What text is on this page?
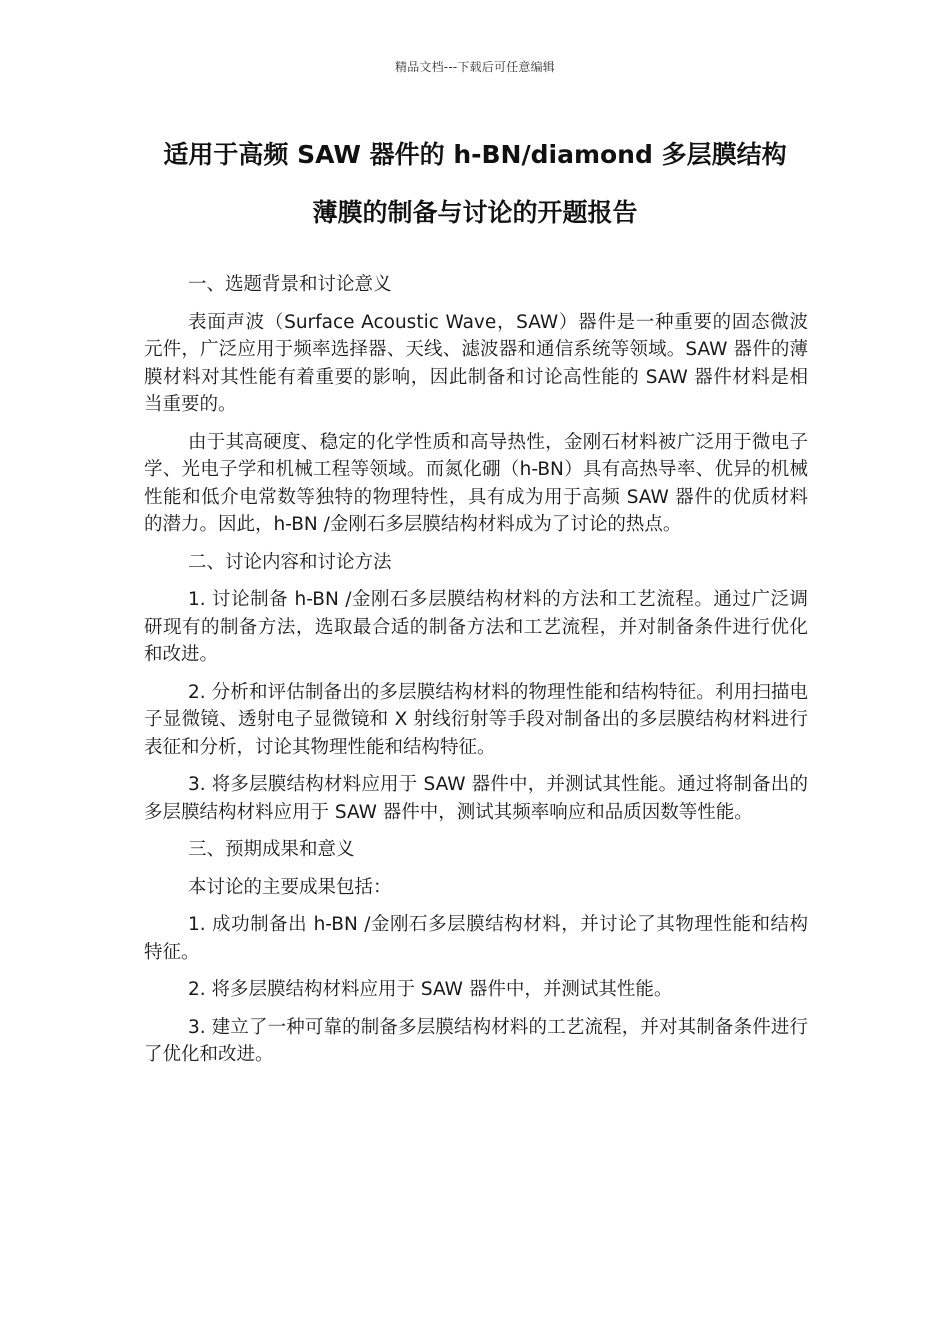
精品文档---下载后可任意编辑
适用于高频 SAW 器件的 h-BN/diamond 多层膜结构
薄膜的制备与讨论的开题报告

一、选题背景和讨论意义

表面声波（Surface Acoustic Wave，SAW）器件是一种重要的固态微波元件，广泛应用于频率选择器、天线、滤波器和通信系统等领域。SAW 器件的薄膜材料对其性能有着重要的影响，因此制备和讨论高性能的 SAW 器件材料是相当重要的。

由于其高硬度、稳定的化学性质和高导热性，金刚石材料被广泛用于微电子学、光电子学和机械工程等领域。而氮化硼（h-BN）具有高热导率、优异的机械性能和低介电常数等独特的物理特性，具有成为用于高频 SAW 器件的优质材料的潜力。因此，h-BN /金刚石多层膜结构材料成为了讨论的热点。

二、讨论内容和讨论方法

1. 讨论制备 h-BN /金刚石多层膜结构材料的方法和工艺流程。通过广泛调研现有的制备方法，选取最合适的制备方法和工艺流程，并对制备条件进行优化和改进。

2. 分析和评估制备出的多层膜结构材料的物理性能和结构特征。利用扫描电子显微镜、透射电子显微镜和 X 射线衍射等手段对制备出的多层膜结构材料进行表征和分析，讨论其物理性能和结构特征。

3. 将多层膜结构材料应用于 SAW 器件中，并测试其性能。通过将制备出的多层膜结构材料应用于 SAW 器件中，测试其频率响应和品质因数等性能。

三、预期成果和意义

本讨论的主要成果包括：

1. 成功制备出 h-BN /金刚石多层膜结构材料，并讨论了其物理性能和结构特征。

2. 将多层膜结构材料应用于 SAW 器件中，并测试其性能。

3. 建立了一种可靠的制备多层膜结构材料的工艺流程，并对其制备条件进行了优化和改进。
